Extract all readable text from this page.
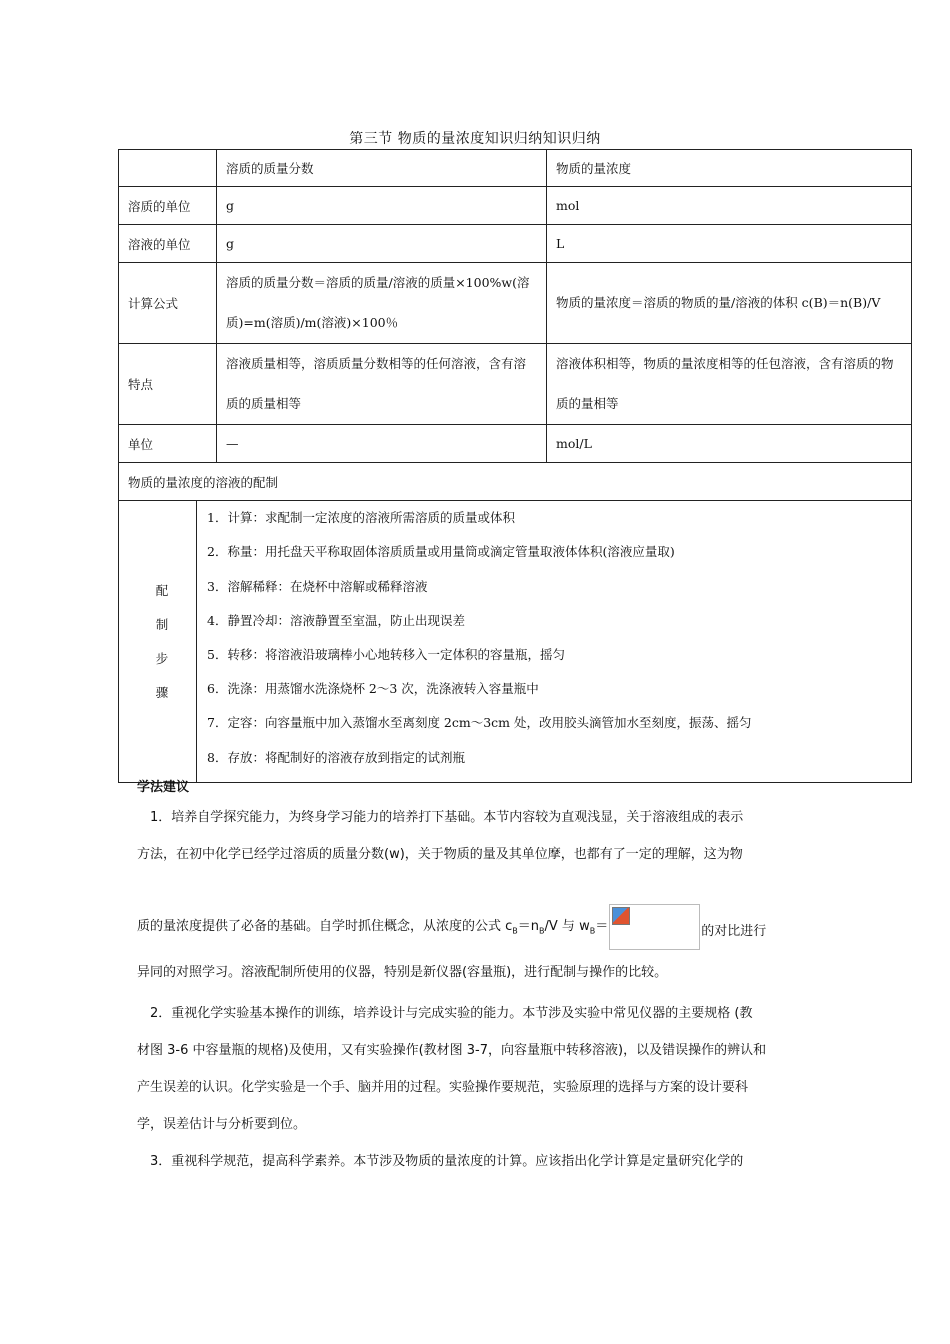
第三节 物质的量浓度知识归纳知识归纳
	溶质的质量分数	物质的量浓度
溶质的单位	g	mol
溶液的单位	g	L
计算公式	溶质的质量分数＝溶质的质量/溶液的质量×100%w(溶质)=m(溶质)/m(溶液)×100％	物质的量浓度＝溶质的物质的量/溶液的体积 c(B)＝n(B)/V
特点	溶液质量相等，溶质质量分数相等的任何溶液，含有溶质的质量相等	溶液体积相等，物质的量浓度相等的任包溶液，含有溶质的物质的量相等
单位	—	mol/L
物质的量浓度的溶液的配制

配
制
步
骤

1．计算：求配制一定浓度的溶液所需溶质的质量或体积
2．称量：用托盘天平称取固体溶质质量或用量筒或滴定管量取液体体积(溶液应量取)
3．溶解稀释：在烧杯中溶解或稀释溶液
4．静置冷却：溶液静置至室温，防止出现误差
5．转移：将溶液沿玻璃棒小心地转移入一定体积的容量瓶，摇匀
6．洗涤：用蒸馏水洗涤烧杯 2～3 次，洗涤液转入容量瓶中
7．定容：向容量瓶中加入蒸馏水至离刻度 2cm～3cm 处，改用胶头滴管加水至刻度，振荡、摇匀
8．存放：将配制好的溶液存放到指定的试剂瓶
学法建议

1．培养自学探究能力，为终身学习能力的培养打下基础。本节内容较为直观浅显，关于溶液组成的表示

方法，在初中化学已经学过溶质的质量分数(w)，关于物质的量及其单位摩，也都有了一定的理解，这为物

质的量浓度提供了必备的基础。自学时抓住概念，从浓度的公式 $c_B=n_B/V$ 与 $w_B=$	的对比进行

异同的对照学习。溶液配制所使用的仪器，特别是新仪器(容量瓶)，进行配制与操作的比较。

2．重视化学实验基本操作的训练，培养设计与完成实验的能力。本节涉及实验中常见仪器的主要规格 (教

材图 3-6 中容量瓶的规格)及使用，又有实验操作(教材图 3-7，向容量瓶中转移溶液)，以及错误操作的辨认和

产生误差的认识。化学实验是一个手、脑并用的过程。实验操作要规范，实验原理的选择与方案的设计要科

学，误差估计与分析要到位。

3．重视科学规范，提高科学素养。本节涉及物质的量浓度的计算。应该指出化学计算是定量研究化学的
